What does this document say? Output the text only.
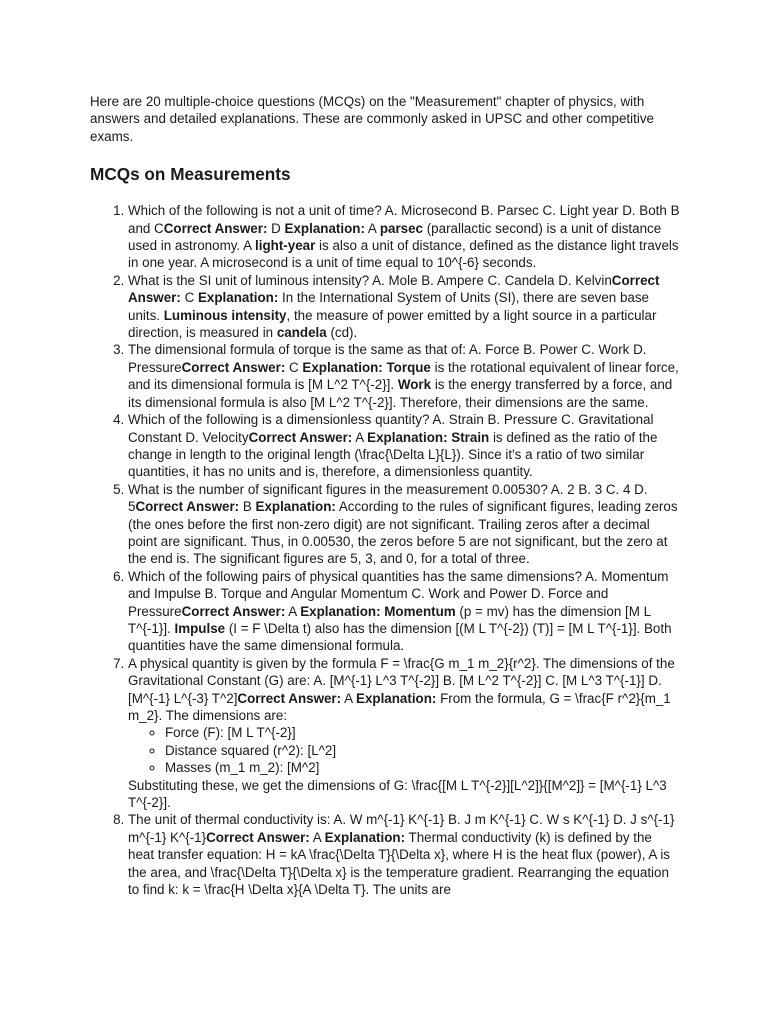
Here are 20 multiple-choice questions (MCQs) on the "Measurement" chapter of physics, with answers and detailed explanations. These are commonly asked in UPSC and other competitive exams.

MCQs on Measurements
1. Which of the following is not a unit of time? A. Microsecond B. Parsec C. Light year D. Both B and CCorrect Answer: D Explanation: A parsec (parallactic second) is a unit of distance used in astronomy. A light-year is also a unit of distance, defined as the distance light travels in one year. A microsecond is a unit of time equal to 10^{-6} seconds.
2. What is the SI unit of luminous intensity? A. Mole B. Ampere C. Candela D. KelvinCorrect Answer: C Explanation: In the International System of Units (SI), there are seven base units. Luminous intensity, the measure of power emitted by a light source in a particular direction, is measured in candela (cd).
3. The dimensional formula of torque is the same as that of: A. Force B. Power C. Work D. PressureCorrect Answer: C Explanation: Torque is the rotational equivalent of linear force, and its dimensional formula is [M L^2 T^{-2}]. Work is the energy transferred by a force, and its dimensional formula is also [M L^2 T^{-2}]. Therefore, their dimensions are the same.
4. Which of the following is a dimensionless quantity? A. Strain B. Pressure C. Gravitational Constant D. VelocityCorrect Answer: A Explanation: Strain is defined as the ratio of the change in length to the original length (\frac{\Delta L}{L}). Since it's a ratio of two similar quantities, it has no units and is, therefore, a dimensionless quantity.
5. What is the number of significant figures in the measurement 0.00530? A. 2 B. 3 C. 4 D. 5Correct Answer: B Explanation: According to the rules of significant figures, leading zeros (the ones before the first non-zero digit) are not significant. Trailing zeros after a decimal point are significant. Thus, in 0.00530, the zeros before 5 are not significant, but the zero at the end is. The significant figures are 5, 3, and 0, for a total of three.
6. Which of the following pairs of physical quantities has the same dimensions? A. Momentum and Impulse B. Torque and Angular Momentum C. Work and Power D. Force and PressureCorrect Answer: A Explanation: Momentum (p = mv) has the dimension [M L T^{-1}]. Impulse (I = F \Delta t) also has the dimension [(M L T^{-2}) (T)] = [M L T^{-1}]. Both quantities have the same dimensional formula.
7. A physical quantity is given by the formula F = \frac{G m_1 m_2}{r^2}. The dimensions of the Gravitational Constant (G) are: A. [M^{-1} L^3 T^{-2}] B. [M L^2 T^{-2}] C. [M L^3 T^{-1}] D. [M^{-1} L^{-3} T^2]Correct Answer: A Explanation: From the formula, G = \frac{F r^2}{m_1 m_2}. The dimensions are:
◦ Force (F): [M L T^{-2}]
◦ Distance squared (r^2): [L^2]
◦ Masses (m_1 m_2): [M^2]
Substituting these, we get the dimensions of G: \frac{[M L T^{-2}][L^2]}{[M^2]} = [M^{-1} L^3 T^{-2}].
8. The unit of thermal conductivity is: A. W m^{-1} K^{-1} B. J m K^{-1} C. W s K^{-1} D. J s^{-1} m^{-1} K^{-1}Correct Answer: A Explanation: Thermal conductivity (k) is defined by the heat transfer equation: H = kA \frac{\Delta T}{\Delta x}, where H is the heat flux (power), A is the area, and \frac{\Delta T}{\Delta x} is the temperature gradient. Rearranging the equation to find k: k = \frac{H \Delta x}{A \Delta T}. The units are
